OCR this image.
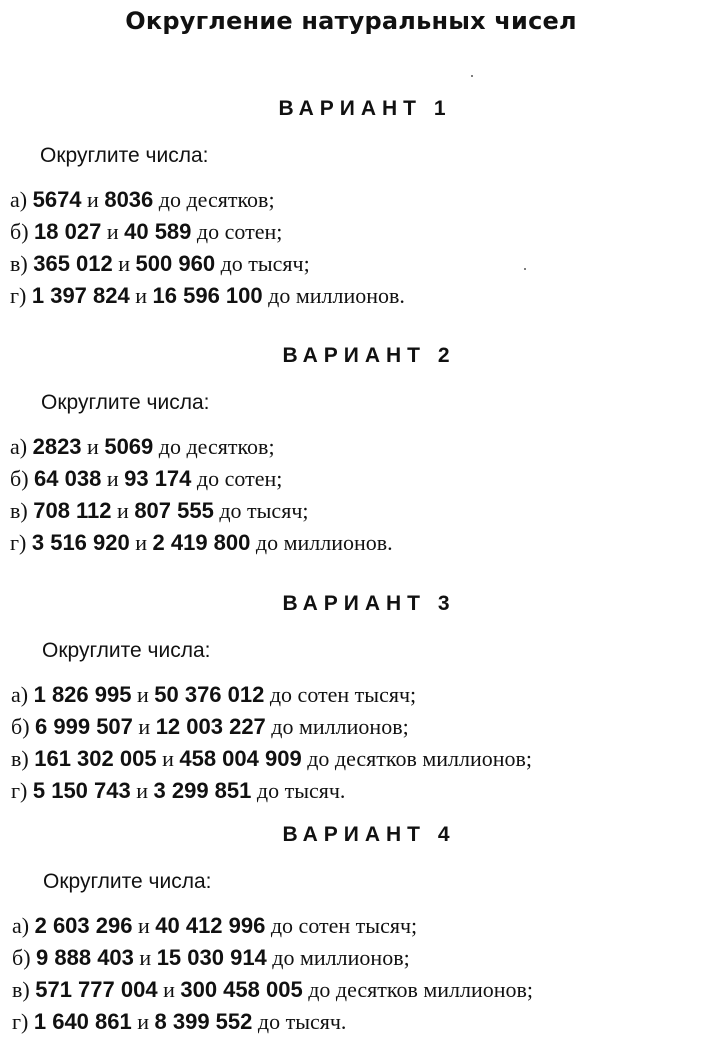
Округление натуральных чисел
ВАРИАНТ 1
Округлите числа:
а) 5674 и 8036 до десятков;
б) 18 027 и 40 589 до сотен;
в) 365 012 и 500 960 до тысяч;
г) 1 397 824 и 16 596 100 до миллионов.
ВАРИАНТ 2
Округлите числа:
а) 2823 и 5069 до десятков;
б) 64 038 и 93 174 до сотен;
в) 708 112 и 807 555 до тысяч;
г) 3 516 920 и 2 419 800 до миллионов.
ВАРИАНТ 3
Округлите числа:
а) 1 826 995 и 50 376 012 до сотен тысяч;
б) 6 999 507 и 12 003 227 до миллионов;
в) 161 302 005 и 458 004 909 до десятков миллионов;
г) 5 150 743 и 3 299 851 до тысяч.
ВАРИАНТ 4
Округлите числа:
а) 2 603 296 и 40 412 996 до сотен тысяч;
б) 9 888 403 и 15 030 914 до миллионов;
в) 571 777 004 и 300 458 005 до десятков миллионов;
г) 1 640 861 и 8 399 552 до тысяч.
